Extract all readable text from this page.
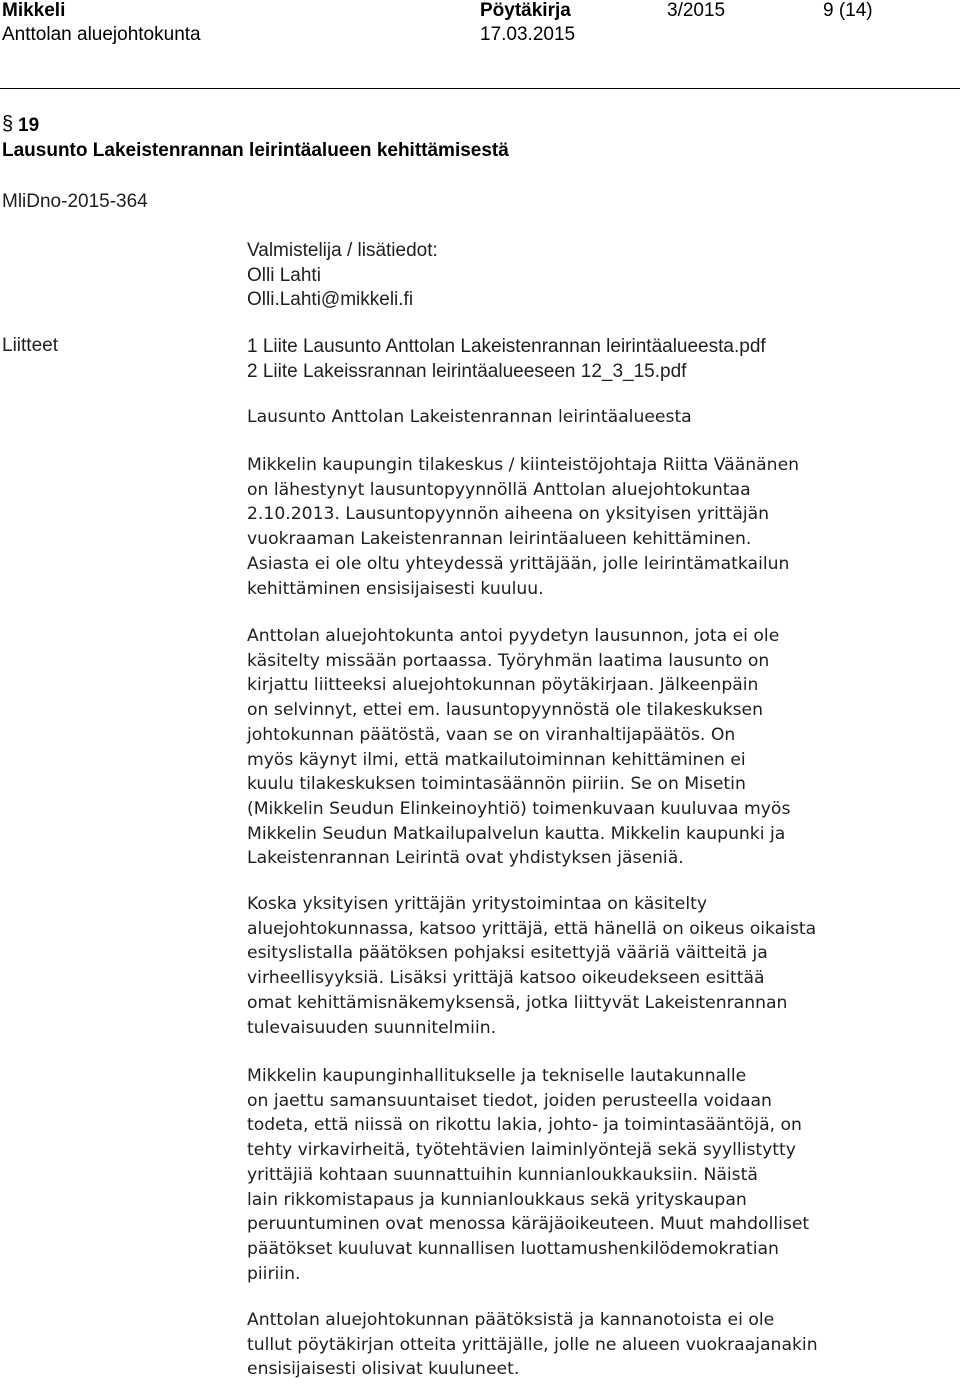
Mikkeli
Anttolan aluejohtokunta
Pöytäkirja
17.03.2015
3/2015	9 (14)
§ 19
Lausunto Lakeistenrannan leirintäalueen kehittämisestä
MliDno-2015-364
Valmistelija / lisätiedot:
Olli Lahti
Olli.Lahti@mikkeli.fi
Liitteet	1 Liite Lausunto Anttolan Lakeistenrannan leirintäalueesta.pdf
2 Liite Lakeissrannan leirintäalueeseen 12_3_15.pdf
Lausunto Anttolan Lakeistenrannan leirintäalueesta
Mikkelin kaupungin tilakeskus / kiinteistöjohtaja Riitta Väänänen
on lähestynyt lausuntopyynnöllä Anttolan aluejohtokuntaa
2.10.2013. Lausuntopyynnön aiheena on yksityisen yrittäjän
vuokraaman Lakeistenrannan leirintäalueen kehittäminen.
Asiasta ei ole oltu yhteydessä yrittäjään, jolle leirintämatkailun
kehittäminen ensisijaisesti kuuluu.
Anttolan aluejohtokunta antoi pyydetyn lausunnon, jota ei ole
käsitelty missään portaassa. Työryhmän laatima lausunto on
kirjattu liitteeksi aluejohtokunnan pöytäkirjaan. Jälkeenpäin
on selvinnyt, ettei em. lausuntopyynnöstä ole tilakeskuksen
johtokunnan päätöstä, vaan se on viranhaltijapäätös. On
myös käynyt ilmi, että matkailutoiminnan kehittäminen ei
kuulu tilakeskuksen toimintasäännön piiriin. Se on Misetin
(Mikkelin Seudun Elinkeinoyhtiö) toimenkuvaan kuuluvaa myös
Mikkelin Seudun Matkailupalvelun kautta. Mikkelin kaupunki ja
Lakeistenrannan Leirintä ovat yhdistyksen jäseniä.
Koska yksityisen yrittäjän yritystoimintaa on käsitelty
aluejohtokunnassa, katsoo yrittäjä, että hänellä on oikeus oikaista
esityslistalla päätöksen pohjaksi esitettyjä vääriä väitteitä ja
virheellisyyksiä. Lisäksi yrittäjä katsoo oikeudekseen esittää
omat kehittämisnäkemyksensä, jotka liittyvät Lakeistenrannan
tulevaisuuden suunnitelmiin.
Mikkelin kaupunginhallitukselle ja tekniselle lautakunnalle
on jaettu samansuuntaiset tiedot, joiden perusteella voidaan
todeta, että niissä on rikottu lakia, johto- ja toimintasääntöjä, on
tehty virkavirheitä, työtehtävien laiminlyöntejä sekä syyllistytty
yrittäjiä kohtaan suunnattuihin kunnianloukkauksiin. Näistä
lain rikkomistapaus ja kunnianloukkaus sekä yrityskaupan
peruuntuminen ovat menossa käräjäoikeuteen. Muut mahdolliset
päätökset kuuluvat kunnallisen luottamushenkilödemokratian
piiriin.
Anttolan aluejohtokunnan päätöksistä ja kannanotoista ei ole
tullut pöytäkirjan otteita yrittäjälle, jolle ne alueen vuokraajanakin
ensisijaisesti olisivat kuuluneet.
